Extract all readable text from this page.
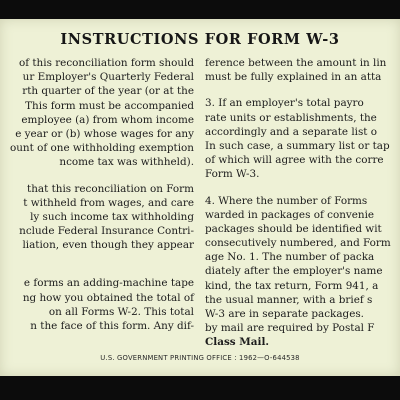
INSTRUCTIONS FOR FORM W-3
of this reconciliation form should
ur Employer's Quarterly Federal
rth quarter of the year (or at the
This form must be accompanied
employee (a) from whom income
e year or (b) whose wages for any
ount of one withholding exemption
ncome tax was withheld).
that this reconciliation on Form
t withheld from wages, and care
ly such income tax withholding
nclude Federal Insurance Contri-
liation, even though they appear
e forms an adding-machine tape
ng how you obtained the total of
on all Forms W-2. This total
n the face of this form. Any dif-
ference between the amount in lin
must be fully explained in an atta
3. If an employer's total payro
rate units or establishments, the
accordingly and a separate list o
In such case, a summary list or tap
of which will agree with the corre
Form W-3.
4. Where the number of Forms
warded in packages of convenie
packages should be identified wit
consecutively numbered, and Form
age No. 1. The number of packa
diately after the employer's name
kind, the tax return, Form 941, a
the usual manner, with a brief s
W-3 are in separate packages.
by mail are required by Postal F
Class Mail.
U.S. GOVERNMENT PRINTING OFFICE : 1962—O-644538
